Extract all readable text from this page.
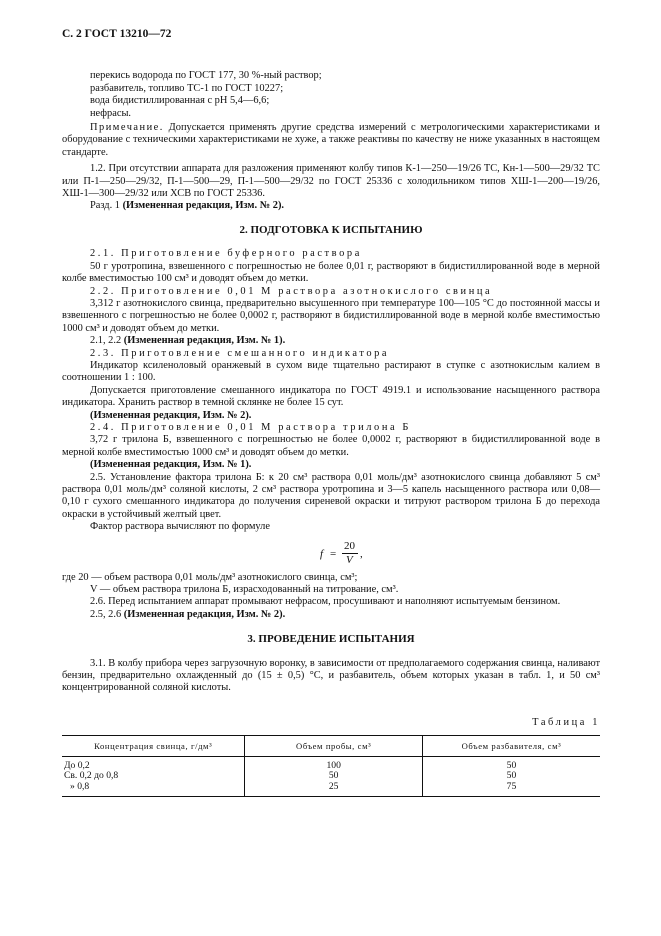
С. 2 ГОСТ 13210—72

перекись водорода по ГОСТ 177, 30 %-ный раствор;

разбавитель, топливо ТС-1 по ГОСТ 10227;

вода бидистиллированная с рН 5,4—6,6;

нефрасы.

Примечание. Допускается применять другие средства измерений с метрологическими характеристиками и оборудование с техническими характеристиками не хуже, а также реактивы по качеству не ниже указанных в настоящем стандарте.

1.2. При отсутствии аппарата для разложения применяют колбу типов К-1—250—19/26 ТС, Кн-1—500—29/32 ТС или П-1—250—29/32, П-1—500—29, П-1—500—29/32 по ГОСТ 25336 с холодильником типов ХШ-1—200—19/26, ХШ-1—300—29/32 или ХСВ по ГОСТ 25336.

Разд. 1 (Измененная редакция, Изм. № 2).

2. ПОДГОТОВКА К ИСПЫТАНИЮ

2.1. Приготовление буферного раствора

50 г уротропина, взвешенного с погрешностью не более 0,01 г, растворяют в бидистиллированной воде в мерной колбе вместимостью 100 см³ и доводят объем до метки.

2.2. Приготовление 0,01 М раствора азотнокислого свинца

3,312 г азотнокислого свинца, предварительно высушенного при температуре 100—105 °С до постоянной массы и взвешенного с погрешностью не более 0,0002 г, растворяют в бидистиллированной воде в мерной колбе вместимостью 1000 см³ и доводят объем до метки.

2.1, 2.2 (Измененная редакция, Изм. № 1).

2.3. Приготовление смешанного индикатора

Индикатор ксиленоловый оранжевый в сухом виде тщательно растирают в ступке с азотнокислым калием в соотношении 1 : 100.

Допускается приготовление смешанного индикатора по ГОСТ 4919.1 и использование насыщенного раствора индикатора. Хранить раствор в темной склянке не более 15 сут.

(Измененная редакция, Изм. № 2).

2.4. Приготовление 0,01 М раствора трилона Б

3,72 г трилона Б, взвешенного с погрешностью не более 0,0002 г, растворяют в бидистиллированной воде в мерной колбе вместимостью 1000 см³ и доводят объем до метки.

(Измененная редакция, Изм. № 1).

2.5. Установление фактора трилона Б: к 20 см³ раствора 0,01 моль/дм³ азотнокислого свинца добавляют 5 см³ раствора 0,01 моль/дм³ соляной кислоты, 2 см³ раствора уротропина и 3—5 капель насыщенного раствора или 0,08—0,10 г сухого смешанного индикатора до получения сиреневой окраски и титруют раствором трилона Б до перехода окраски в устойчивый желтый цвет.

Фактор раствора вычисляют по формуле

f =
20
V ,

где 20 — объем раствора 0,01 моль/дм³ азотнокислого свинца, см³;

V — объем раствора трилона Б, израсходованный на титрование, см³.

2.6. Перед испытанием аппарат промывают нефрасом, просушивают и наполняют испытуемым бензином.

2.5, 2.6 (Измененная редакция, Изм. № 2).

3. ПРОВЕДЕНИЕ ИСПЫТАНИЯ

3.1. В колбу прибора через загрузочную воронку, в зависимости от предполагаемого содержания свинца, наливают бензин, предварительно охлажденный до (15 ± 0,5) °С, и разбавитель, объем которых указан в табл. 1, и 50 см³ концентрированной соляной кислоты.

Таблица 1
Концентрация свинца, г/дм³	Объем пробы, см³	Объем разбавителя, см³
До 0,2	100	50
Св. 0,2 до 0,8	50	50
» 0,8	25	75
